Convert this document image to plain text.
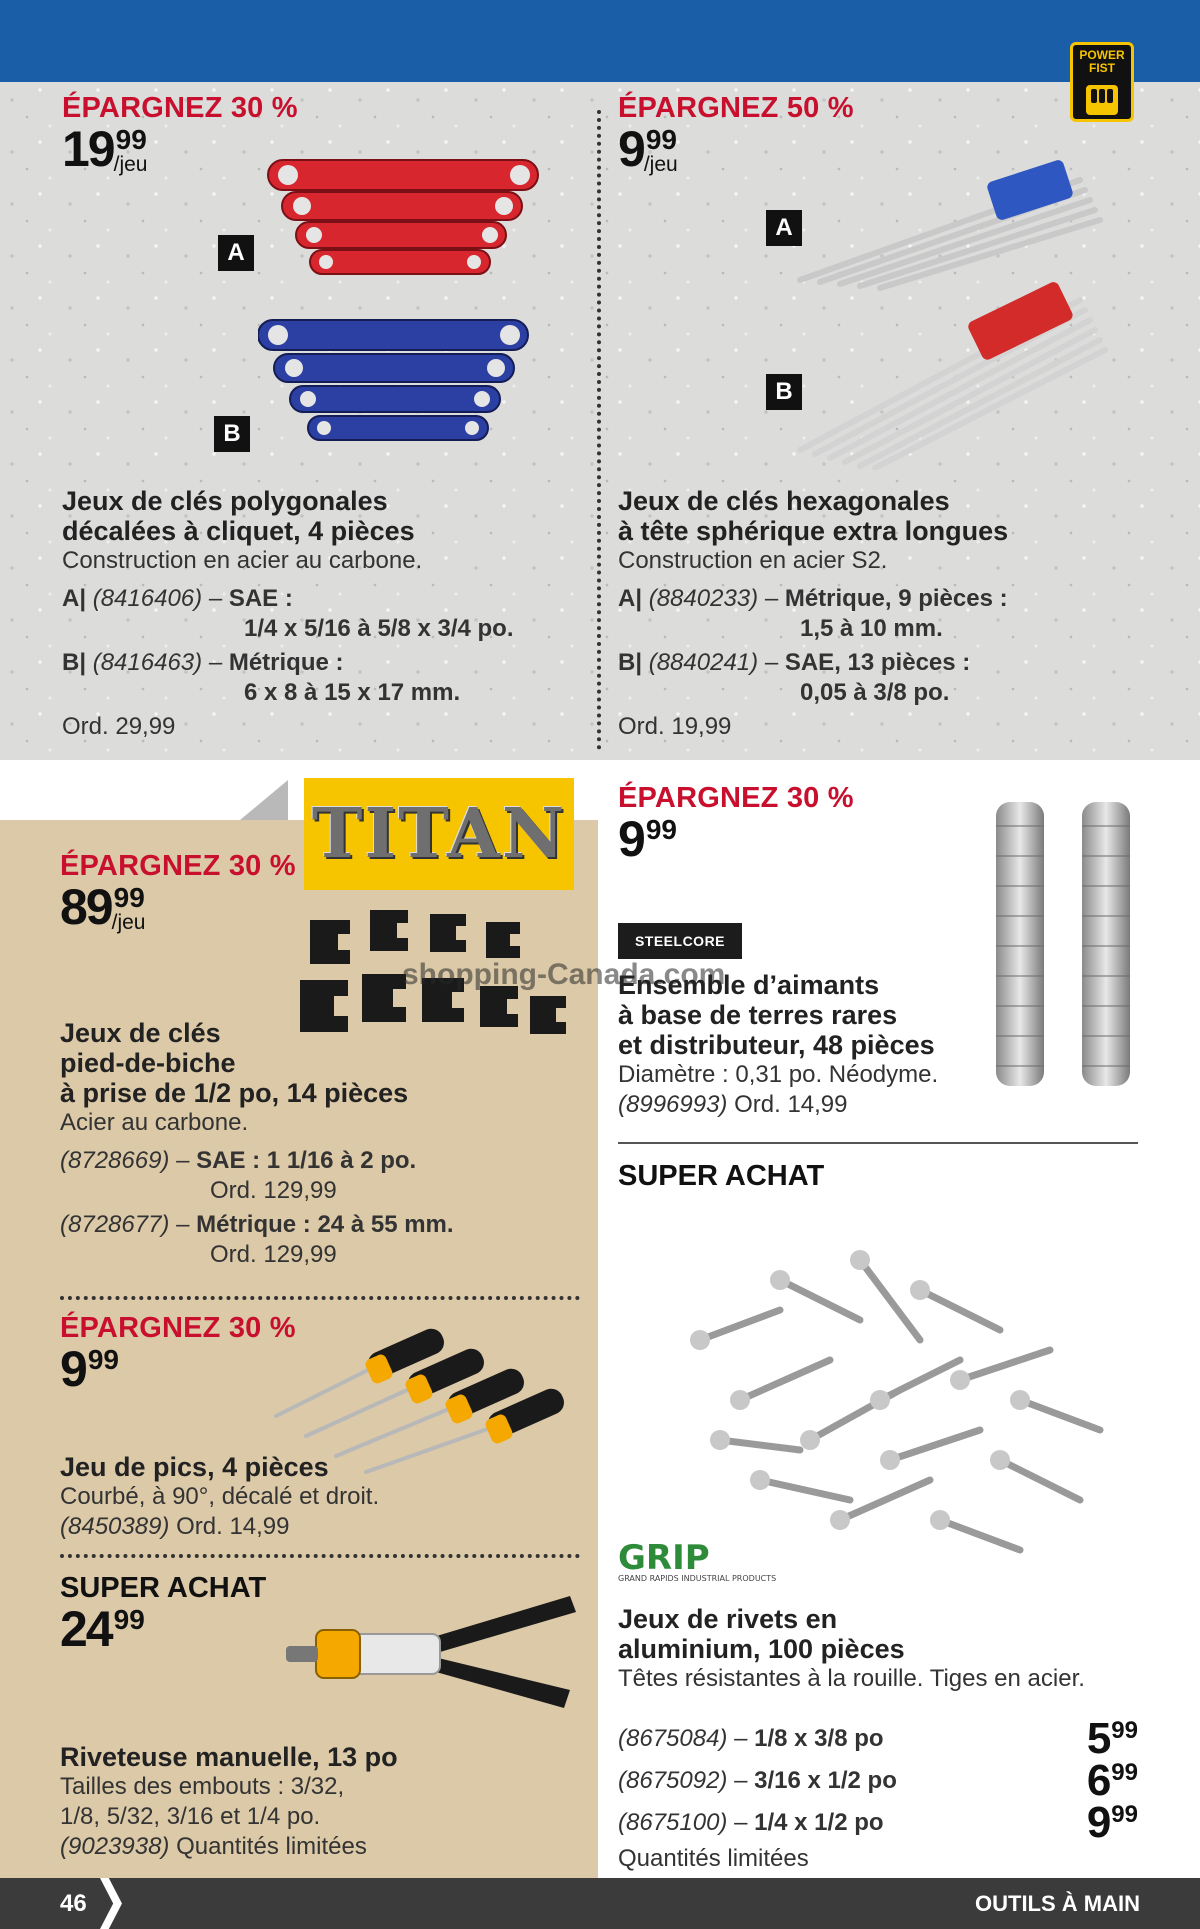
POWER FIST
ÉPARGNEZ 30 %
19 99
/jeu
A
B
Jeux de clés polygonales
décalées à cliquet, 4 pièces
Construction en acier au carbone.
A| (8416406) – SAE :
1/4 x 5/16 à 5/8 x 3/4 po.
B| (8416463) – Métrique :
6 x 8 à 15 x 17 mm.
Ord. 29,99
ÉPARGNEZ 50 %
9 99
/jeu
A
B
Jeux de clés hexagonales
à tête sphérique extra longues
Construction en acier S2.
A| (8840233) – Métrique, 9 pièces :
1,5 à 10 mm.
B| (8840241) – SAE, 13 pièces :
0,05 à 3/8 po.
Ord. 19,99
TITAN
ÉPARGNEZ 30 %
89 99
/jeu
Jeux de clés
pied-de-biche
à prise de 1/2 po, 14 pièces
Acier au carbone.
(8728669) – SAE : 1 1/16 à 2 po.
Ord. 129,99
(8728677) – Métrique : 24 à 55 mm.
Ord. 129,99
ÉPARGNEZ 30 %
9 99
Jeu de pics, 4 pièces
Courbé, à 90°, décalé et droit.
(8450389) Ord. 14,99
SUPER ACHAT
24 99
Riveteuse manuelle, 13 po
Tailles des embouts : 3/32,
1/8, 5/32, 3/16 et 1/4 po.
(9023938) Quantités limitées
ÉPARGNEZ 30 %
9 99
STEELCORE
Ensemble d’aimants
à base de terres rares
et distributeur, 48 pièces
Diamètre : 0,31 po. Néodyme.
(8996993) Ord. 14,99
SUPER ACHAT
GRIP
GRAND RAPIDS INDUSTRIAL PRODUCTS
Jeux de rivets en
aluminium, 100 pièces
Têtes résistantes à la rouille. Tiges en acier.
(8675084) – 1/8 x 3/8 po	5 99
(8675092) – 3/16 x 1/2 po	6 99
(8675100) – 1/4 x 1/2 po	9 99
Quantités limitées
shopping-Canada.com
46	OUTILS À MAIN
